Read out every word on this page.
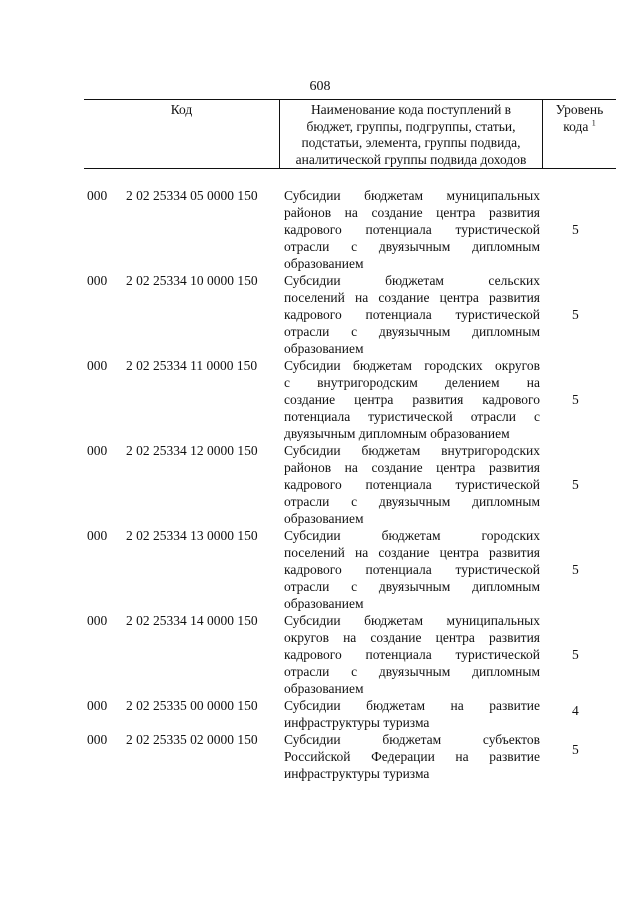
608
Код	Наименование кода поступлений в
бюджет, группы, подгруппы, статьи,
подстатьи, элемента, группы подвида,
аналитической группы подвида доходов
Уровень
кода $^1$
000 2 02 25334 05 0000 150 Субсидии бюджетам муниципальных
районов на создание центра развития
кадрового потенциала туристической
отрасли с двуязычным дипломным
образованием
5
000 2 02 25334 10 0000 150 Субсидии бюджетам сельских
поселений на создание центра развития
кадрового потенциала туристической
отрасли с двуязычным дипломным
образованием
5
000 2 02 25334 11 0000 150 Субсидии бюджетам городских округов
с внутригородским делением на
создание центра развития кадрового
потенциала туристической отрасли с
двуязычным дипломным образованием
5
000 2 02 25334 12 0000 150 Субсидии бюджетам внутригородских
районов на создание центра развития
кадрового потенциала туристической
отрасли с двуязычным дипломным
образованием
5
000 2 02 25334 13 0000 150 Субсидии бюджетам городских
поселений на создание центра развития
кадрового потенциала туристической
отрасли с двуязычным дипломным
образованием
5
000 2 02 25334 14 0000 150 Субсидии бюджетам муниципальных
округов на создание центра развития
кадрового потенциала туристической
отрасли с двуязычным дипломным
образованием
5
000 2 02 25335 00 0000 150 Субсидии бюджетам на развитие
инфраструктуры туризма
4
000 2 02 25335 02 0000 150 Субсидии бюджетам субъектов
Российской Федерации на развитие
инфраструктуры туризма
5
